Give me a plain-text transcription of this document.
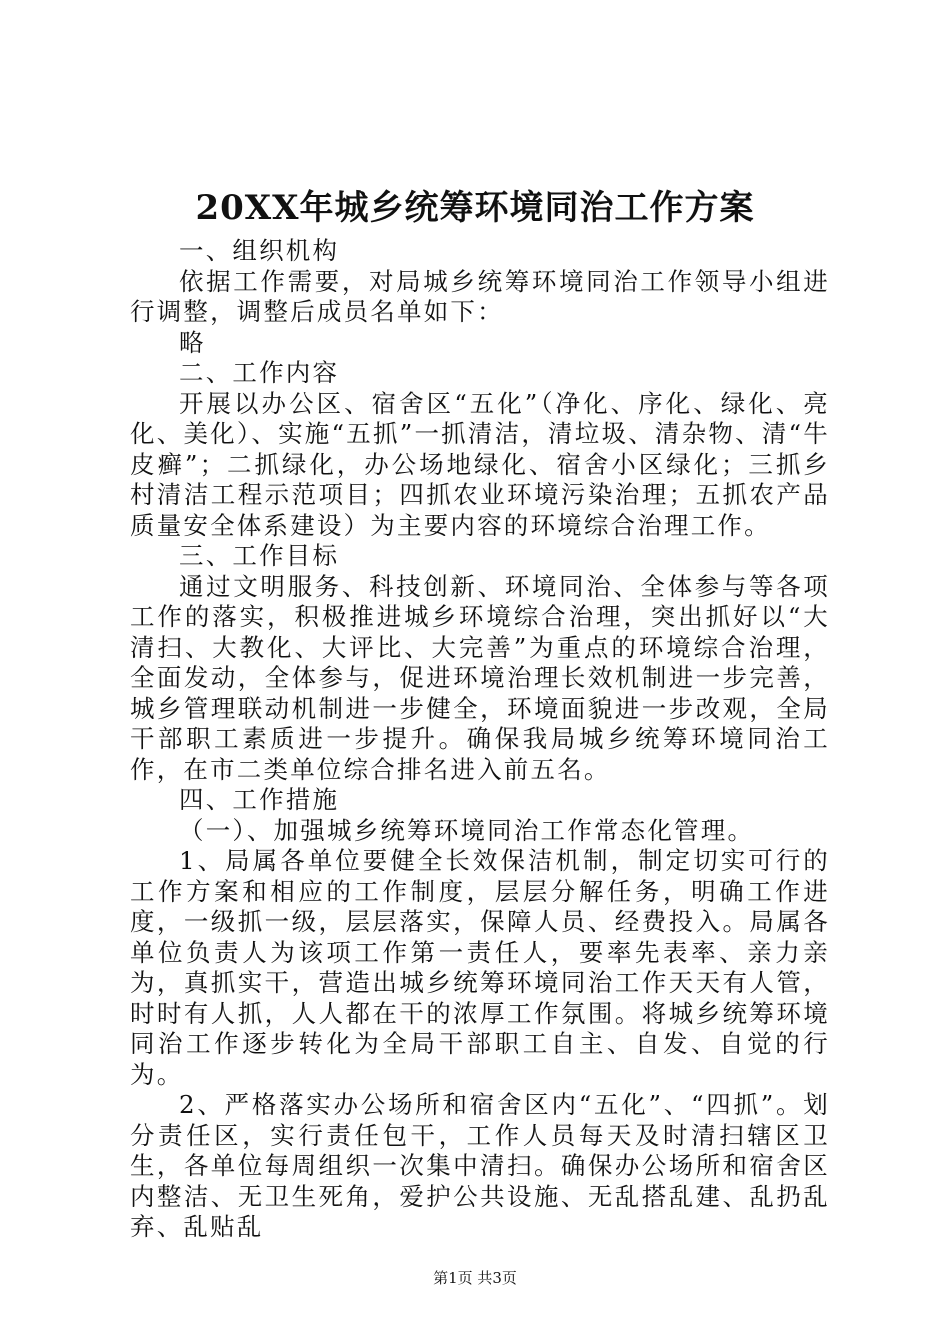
20XX年城乡统筹环境同治工作方案

一、组织机构

依据工作需要，对局城乡统筹环境同治工作领导小组进行调整，调整后成员名单如下：

略

二、工作内容

开展以办公区、宿舍区“五化”（净化、序化、绿化、亮化、美化）、实施“五抓”一抓清洁，清垃圾、清杂物、清“牛皮癣”；二抓绿化，办公场地绿化、宿舍小区绿化；三抓乡村清洁工程示范项目；四抓农业环境污染治理；五抓农产品质量安全体系建设）为主要内容的环境综合治理工作。

三、工作目标

通过文明服务、科技创新、环境同治、全体参与等各项工作的落实，积极推进城乡环境综合治理，突出抓好以“大清扫、大教化、大评比、大完善”为重点的环境综合治理，全面发动，全体参与，促进环境治理长效机制进一步完善，城乡管理联动机制进一步健全，环境面貌进一步改观，全局干部职工素质进一步提升。确保我局城乡统筹环境同治工作，在市二类单位综合排名进入前五名。

四、工作措施

（一）、加强城乡统筹环境同治工作常态化管理。

1、局属各单位要健全长效保洁机制，制定切实可行的工作方案和相应的工作制度，层层分解任务，明确工作进度，一级抓一级，层层落实，保障人员、经费投入。局属各单位负责人为该项工作第一责任人，要率先表率、亲力亲为，真抓实干，营造出城乡统筹环境同治工作天天有人管，时时有人抓，人人都在干的浓厚工作氛围。将城乡统筹环境同治工作逐步转化为全局干部职工自主、自发、自觉的行为。

2、严格落实办公场所和宿舍区内“五化”、“四抓”。划分责任区，实行责任包干，工作人员每天及时清扫辖区卫生，各单位每周组织一次集中清扫。确保办公场所和宿舍区内整洁、无卫生死角，爱护公共设施、无乱搭乱建、乱扔乱弃、乱贴乱

第1页 共3页
